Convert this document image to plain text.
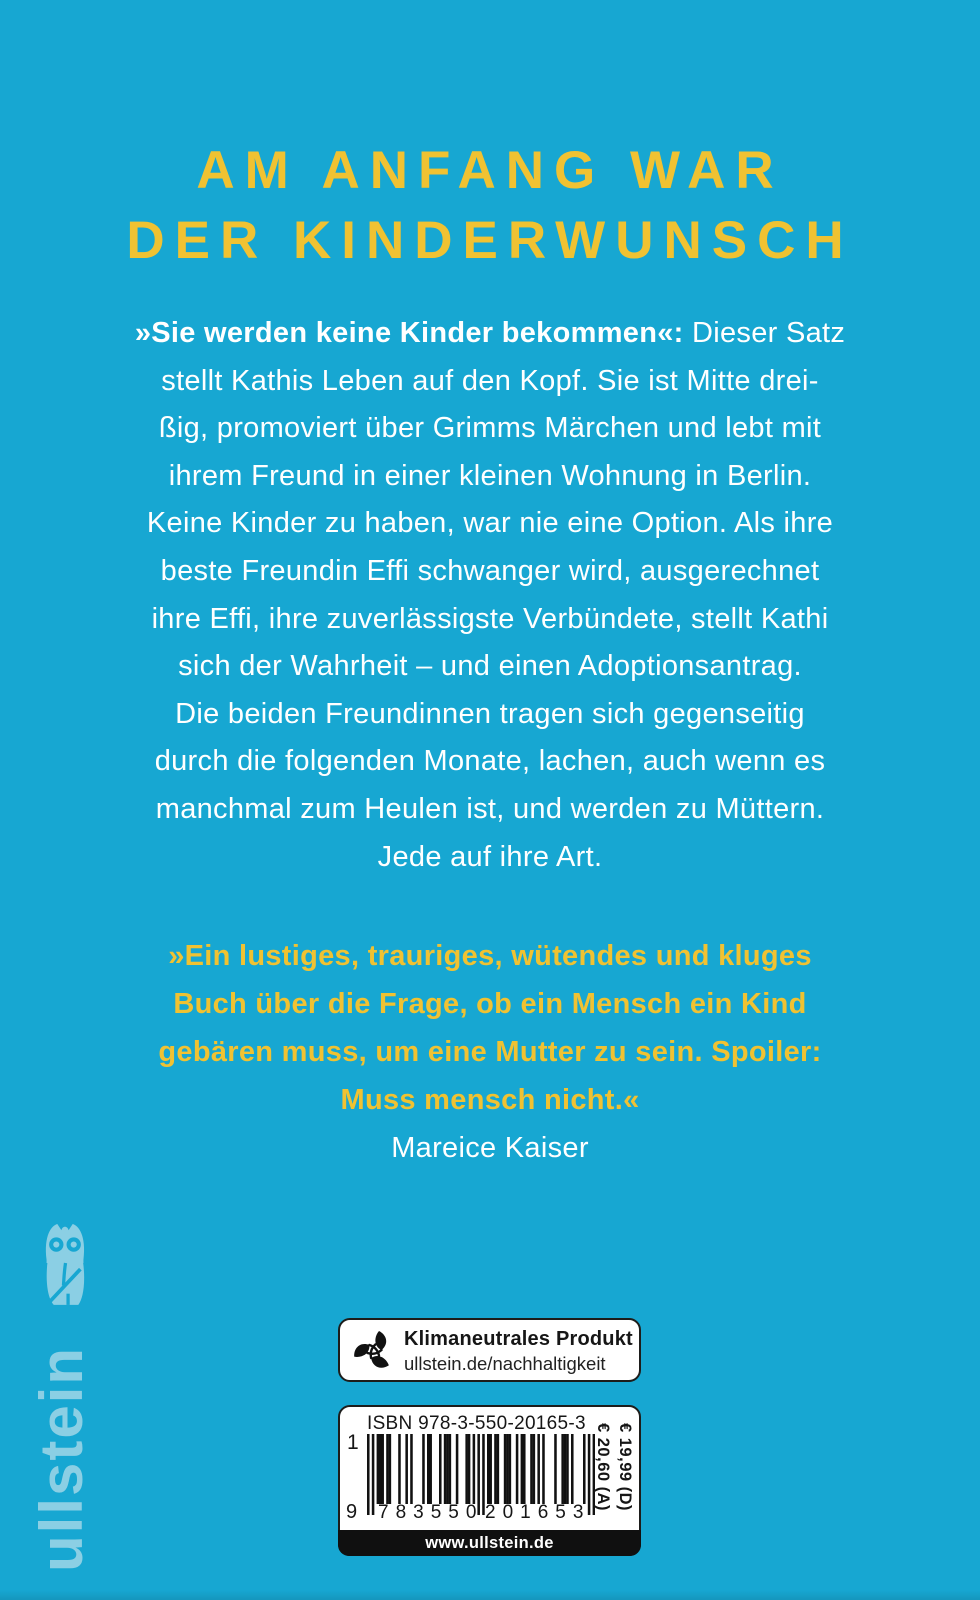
AM ANFANG WAR
DER KINDERWUNSCH
»Sie werden keine Kinder bekommen«: Dieser Satz
stellt Kathis Leben auf den Kopf. Sie ist Mitte drei-
ßig, promoviert über Grimms Märchen und lebt mit
ihrem Freund in einer kleinen Wohnung in Berlin.
Keine Kinder zu haben, war nie eine Option. Als ihre
beste Freundin Effi schwanger wird, ausgerechnet
ihre Effi, ihre zuverlässigste Verbündete, stellt Kathi
sich der Wahrheit – und einen Adoptionsantrag.
Die beiden Freundinnen tragen sich gegenseitig
durch die folgenden Monate, lachen, auch wenn es
manchmal zum Heulen ist, und werden zu Müttern.
Jede auf ihre Art.
»Ein lustiges, trauriges, wütendes und kluges
Buch über die Frage, ob ein Mensch ein Kind
gebären muss, um eine Mutter zu sein. Spoiler:
Muss mensch nicht.«
Mareice Kaiser
ullstein
Klimaneutrales Produkt
ullstein.de/nachhaltigkeit
ISBN 978-3-550-20165-3
1
9 783550 201653
€ 19,99 (D)
€ 20,60 (A)
www.ullstein.de
